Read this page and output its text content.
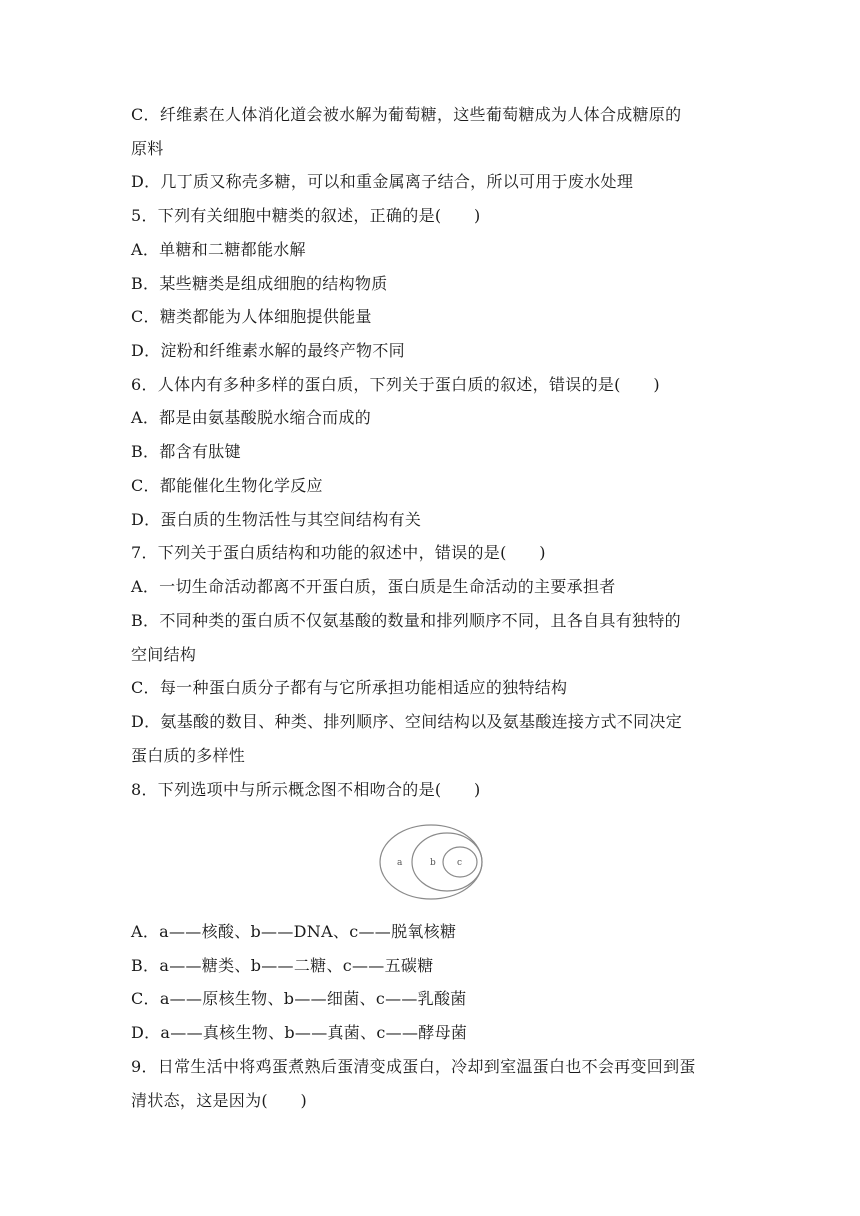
C．纤维素在人体消化道会被水解为葡萄糖，这些葡萄糖成为人体合成糖原的
原料
D．几丁质又称壳多糖，可以和重金属离子结合，所以可用于废水处理
5．下列有关细胞中糖类的叙述，正确的是(　　)
A．单糖和二糖都能水解
B．某些糖类是组成细胞的结构物质
C．糖类都能为人体细胞提供能量
D．淀粉和纤维素水解的最终产物不同
6．人体内有多种多样的蛋白质，下列关于蛋白质的叙述，错误的是(　　)
A．都是由氨基酸脱水缩合而成的
B．都含有肽键
C．都能催化生物化学反应
D．蛋白质的生物活性与其空间结构有关
7．下列关于蛋白质结构和功能的叙述中，错误的是(　　)
A．一切生命活动都离不开蛋白质，蛋白质是生命活动的主要承担者
B．不同种类的蛋白质不仅氨基酸的数量和排列顺序不同，且各自具有独特的
空间结构
C．每一种蛋白质分子都有与它所承担功能相适应的独特结构
D．氨基酸的数目、种类、排列顺序、空间结构以及氨基酸连接方式不同决定
蛋白质的多样性
8．下列选项中与所示概念图不相吻合的是(　　)
a	b c
A．a——核酸、b——DNA、c——脱氧核糖
B．a——糖类、b——二糖、c——五碳糖
C．a——原核生物、b——细菌、c——乳酸菌
D．a——真核生物、b——真菌、c——酵母菌
9．日常生活中将鸡蛋煮熟后蛋清变成蛋白，冷却到室温蛋白也不会再变回到蛋
清状态，这是因为(　　)
